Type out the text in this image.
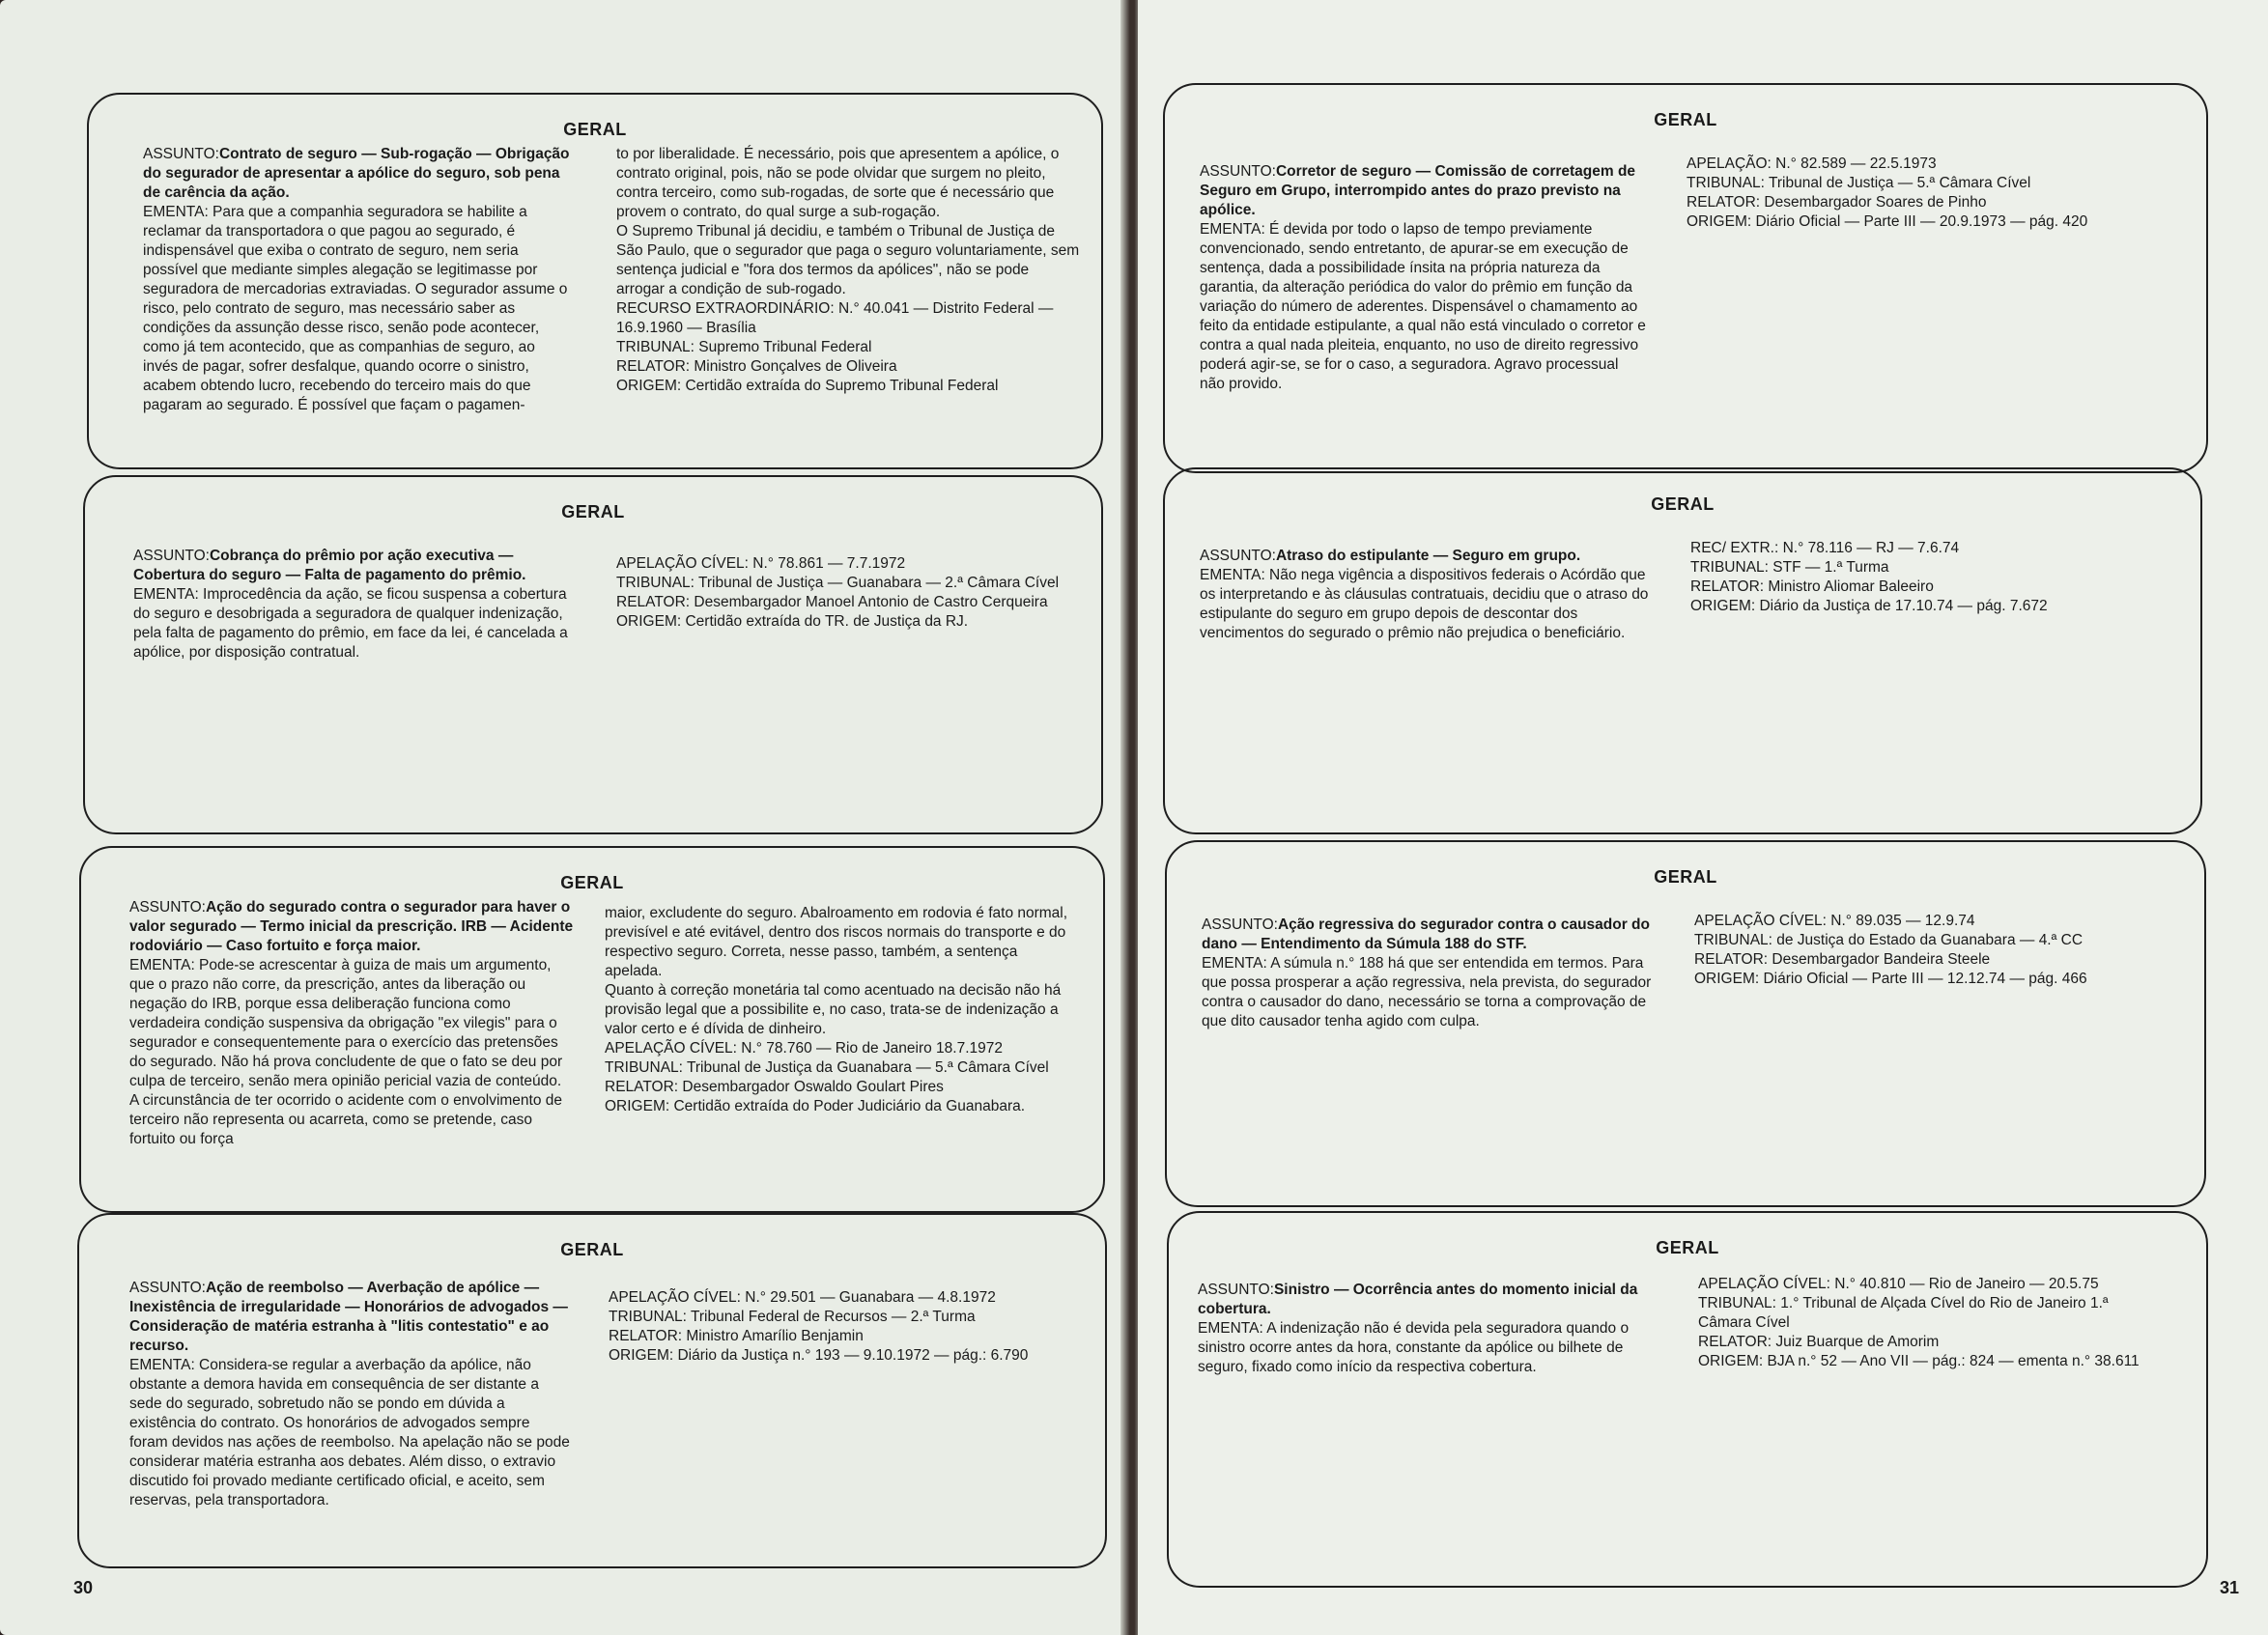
GERAL

ASSUNTO:Contrato de seguro — Sub-rogação — Obrigação do segurador de apresentar a apólice do seguro, sob pena de carência da ação.

EMENTA: Para que a companhia seguradora se habilite a reclamar da transportadora o que pagou ao segurado, é indispensável que exiba o contrato de seguro, nem seria possível que mediante simples alegação se legitimasse por seguradora de mercadorias extraviadas. O segurador assume o risco, pelo contrato de seguro, mas necessário saber as condições da assunção desse risco, senão pode acontecer, como já tem acontecido, que as companhias de seguro, ao invés de pagar, sofrer desfalque, quando ocorre o sinistro, acabem obtendo lucro, recebendo do terceiro mais do que pagaram ao segurado. É possível que façam o pagamen-

to por liberalidade. É necessário, pois que apresentem a apólice, o contrato original, pois, não se pode olvidar que surgem no pleito, contra terceiro, como sub-rogadas, de sorte que é necessário que provem o contrato, do qual surge a sub-rogação.

O Supremo Tribunal já decidiu, e também o Tribunal de Justiça de São Paulo, que o segurador que paga o seguro voluntariamente, sem sentença judicial e "fora dos termos da apólices", não se pode arrogar a condição de sub-rogado.

RECURSO EXTRAORDINÁRIO: N.° 40.041 — Distrito Federal — 16.9.1960 — Brasília

TRIBUNAL: Supremo Tribunal Federal

RELATOR: Ministro Gonçalves de Oliveira

ORIGEM: Certidão extraída do Supremo Tribunal Federal

GERAL

ASSUNTO:Cobrança do prêmio por ação executiva — Cobertura do seguro — Falta de pagamento do prêmio.

EMENTA: Improcedência da ação, se ficou suspensa a cobertura do seguro e desobrigada a seguradora de qualquer indenização, pela falta de pagamento do prêmio, em face da lei, é cancelada a apólice, por disposição contratual.

APELAÇÃO CÍVEL: N.° 78.861 — 7.7.1972

TRIBUNAL: Tribunal de Justiça — Guanabara — 2.ª Câmara Cível

RELATOR: Desembargador Manoel Antonio de Castro Cerqueira

ORIGEM: Certidão extraída do TR. de Justiça da RJ.

GERAL

ASSUNTO:Ação do segurado contra o segurador para haver o valor segurado — Termo inicial da prescrição. IRB — Acidente rodoviário — Caso fortuito e força maior.

EMENTA: Pode-se acrescentar à guiza de mais um argumento, que o prazo não corre, da prescrição, antes da liberação ou negação do IRB, porque essa deliberação funciona como verdadeira condição suspensiva da obrigação "ex vilegis" para o segurador e consequentemente para o exercício das pretensões do segurado. Não há prova concludente de que o fato se deu por culpa de terceiro, senão mera opinião pericial vazia de conteúdo. A circunstância de ter ocorrido o acidente com o envolvimento de terceiro não representa ou acarreta, como se pretende, caso fortuito ou força

maior, excludente do seguro. Abalroamento em rodovia é fato normal, previsível e até evitável, dentro dos riscos normais do transporte e do respectivo seguro. Correta, nesse passo, também, a sentença apelada.

Quanto à correção monetária tal como acentuado na decisão não há provisão legal que a possibilite e, no caso, trata-se de indenização a valor certo e é dívida de dinheiro.

APELAÇÃO CÍVEL: N.° 78.760 — Rio de Janeiro 18.7.1972

TRIBUNAL: Tribunal de Justiça da Guanabara — 5.ª Câmara Cível

RELATOR: Desembargador Oswaldo Goulart Pires

ORIGEM: Certidão extraída do Poder Judiciário da Guanabara.

GERAL

ASSUNTO:Ação de reembolso — Averbação de apólice — Inexistência de irregularidade — Honorários de advogados — Consideração de matéria estranha à "litis contestatio" e ao recurso.

EMENTA: Considera-se regular a averbação da apólice, não obstante a demora havida em consequência de ser distante a sede do segurado, sobretudo não se pondo em dúvida a existência do contrato. Os honorários de advogados sempre foram devidos nas ações de reembolso. Na apelação não se pode considerar matéria estranha aos debates. Além disso, o extravio discutido foi provado mediante certificado oficial, e aceito, sem reservas, pela transportadora.

APELAÇÃO CÍVEL: N.° 29.501 — Guanabara — 4.8.1972

TRIBUNAL: Tribunal Federal de Recursos — 2.ª Turma

RELATOR: Ministro Amarílio Benjamin

ORIGEM: Diário da Justiça n.° 193 — 9.10.1972 — pág.: 6.790

30
GERAL

ASSUNTO:Corretor de seguro — Comissão de corretagem de Seguro em Grupo, interrompido antes do prazo previsto na apólice.

EMENTA: É devida por todo o lapso de tempo previamente convencionado, sendo entretanto, de apurar-se em execução de sentença, dada a possibilidade ínsita na própria natureza da garantia, da alteração periódica do valor do prêmio em função da variação do número de aderentes. Dispensável o chamamento ao feito da entidade estipulante, a qual não está vinculado o corretor e contra a qual nada pleiteia, enquanto, no uso de direito regressivo poderá agir-se, se for o caso, a seguradora. Agravo processual não provido.

APELAÇÃO: N.° 82.589 — 22.5.1973

TRIBUNAL: Tribunal de Justiça — 5.ª Câmara Cível

RELATOR: Desembargador Soares de Pinho

ORIGEM: Diário Oficial — Parte III — 20.9.1973 — pág. 420

GERAL

ASSUNTO:Atraso do estipulante — Seguro em grupo.

EMENTA: Não nega vigência a dispositivos federais o Acórdão que os interpretando e às cláusulas contratuais, decidiu que o atraso do estipulante do seguro em grupo depois de descontar dos vencimentos do segurado o prêmio não prejudica o beneficiário.

REC/ EXTR.: N.° 78.116 — RJ — 7.6.74

TRIBUNAL: STF — 1.ª Turma

RELATOR: Ministro Aliomar Baleeiro

ORIGEM: Diário da Justiça de 17.10.74 — pág. 7.672

GERAL

ASSUNTO:Ação regressiva do segurador contra o causador do dano — Entendimento da Súmula 188 do STF.

EMENTA: A súmula n.° 188 há que ser entendida em termos. Para que possa prosperar a ação regressiva, nela prevista, do segurador contra o causador do dano, necessário se torna a comprovação de que dito causador tenha agido com culpa.

APELAÇÃO CÍVEL: N.° 89.035 — 12.9.74

TRIBUNAL: de Justiça do Estado da Guanabara — 4.ª CC

RELATOR: Desembargador Bandeira Steele

ORIGEM: Diário Oficial — Parte III — 12.12.74 — pág. 466

GERAL

ASSUNTO:Sinistro — Ocorrência antes do momento inicial da cobertura.

EMENTA: A indenização não é devida pela seguradora quando o sinistro ocorre antes da hora, constante da apólice ou bilhete de seguro, fixado como início da respectiva cobertura.

APELAÇÃO CÍVEL: N.° 40.810 — Rio de Janeiro — 20.5.75

TRIBUNAL: 1.° Tribunal de Alçada Cível do Rio de Janeiro 1.ª Câmara Cível

RELATOR: Juiz Buarque de Amorim

ORIGEM: BJA n.° 52 — Ano VII — pág.: 824 — ementa n.° 38.611

31
